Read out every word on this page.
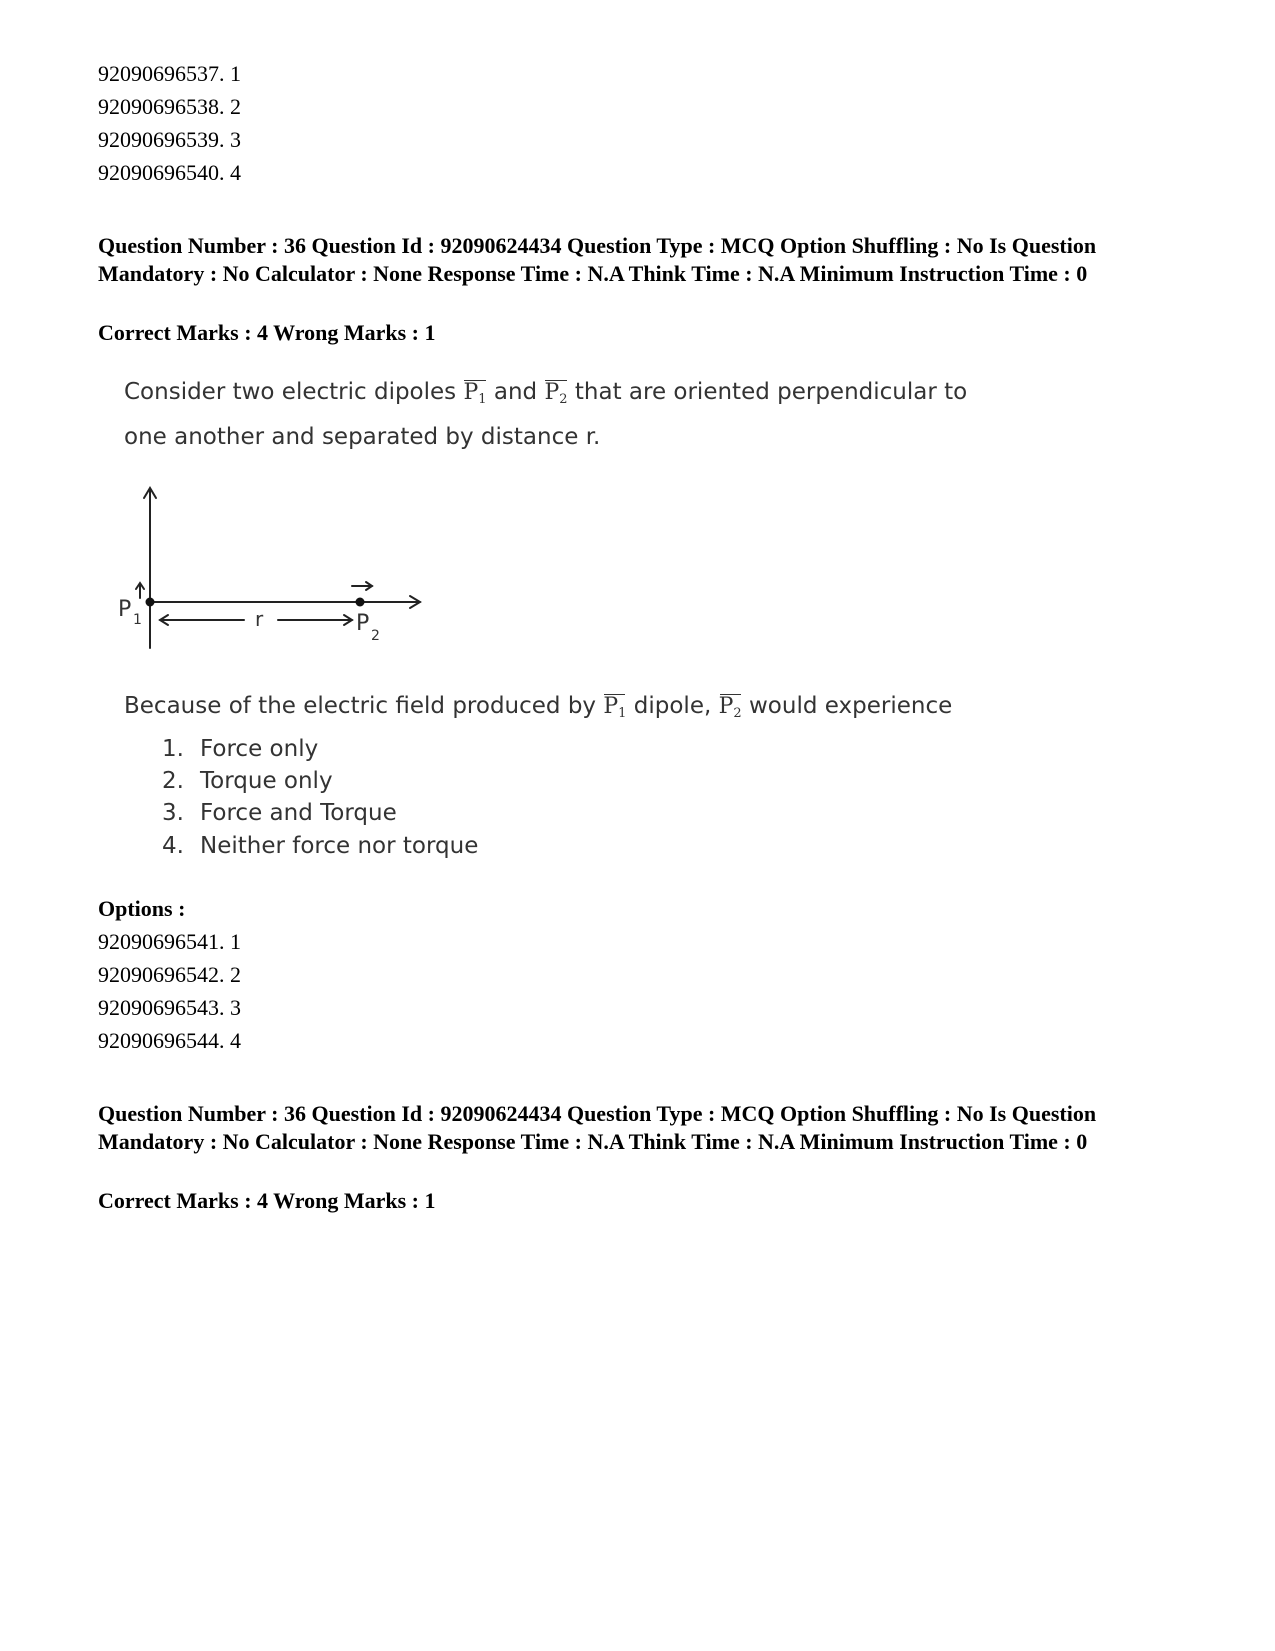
92090696537. 1
92090696538. 2
92090696539. 3
92090696540. 4
Question Number : 36 Question Id : 92090624434 Question Type : MCQ Option Shuffling : No Is Question Mandatory : No Calculator : None Response Time : N.A Think Time : N.A Minimum Instruction Time : 0
Correct Marks : 4 Wrong Marks : 1
Consider two electric dipoles $P_1$ and $P_2$ that are oriented perpendicular to
one another and separated by distance r.
P 1	r	P 2
Because of the electric field produced by $P_1$ dipole, $P_2$ would experience
1. Force only
2. Torque only
3. Force and Torque
4. Neither force nor torque
Options :
92090696541. 1
92090696542. 2
92090696543. 3
92090696544. 4
Question Number : 36 Question Id : 92090624434 Question Type : MCQ Option Shuffling : No Is Question Mandatory : No Calculator : None Response Time : N.A Think Time : N.A Minimum Instruction Time : 0
Correct Marks : 4 Wrong Marks : 1
